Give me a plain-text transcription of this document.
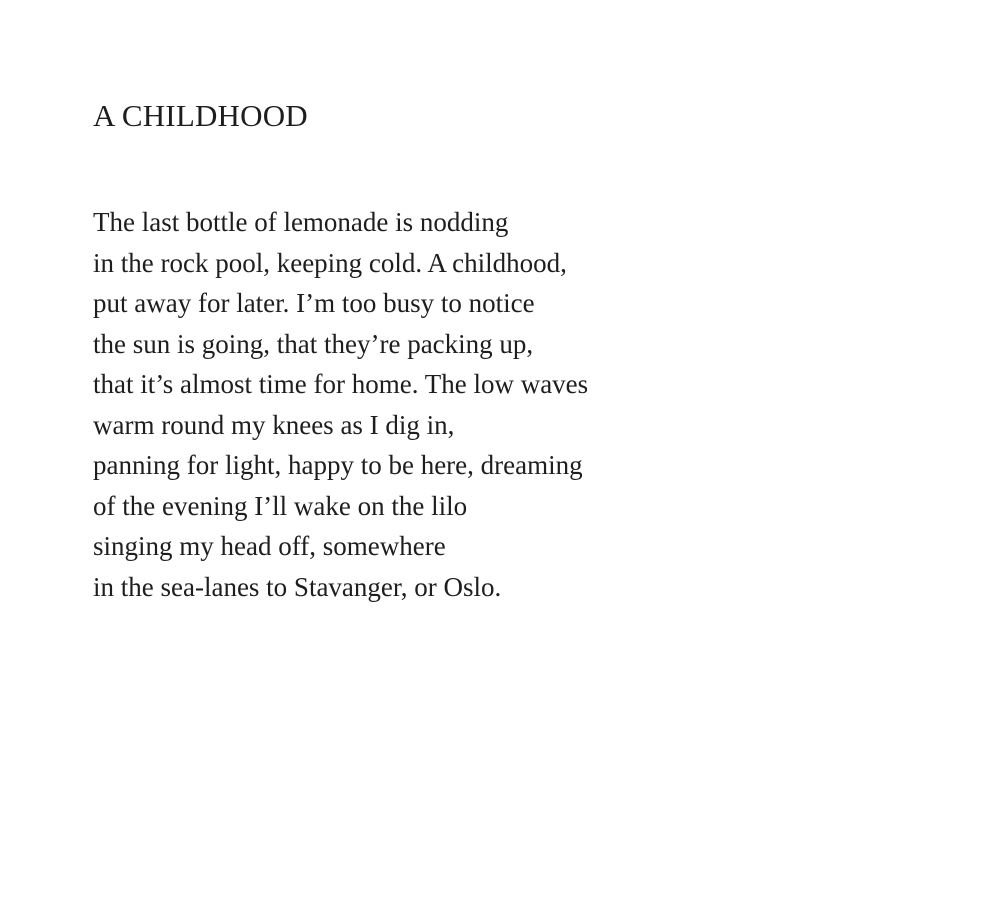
A CHILDHOOD
The last bottle of lemonade is nodding
in the rock pool, keeping cold. A childhood,
put away for later. I’m too busy to notice
the sun is going, that they’re packing up,
that it’s almost time for home. The low waves
warm round my knees as I dig in,
panning for light, happy to be here, dreaming
of the evening I’ll wake on the lilo
singing my head off, somewhere
in the sea-lanes to Stavanger, or Oslo.
